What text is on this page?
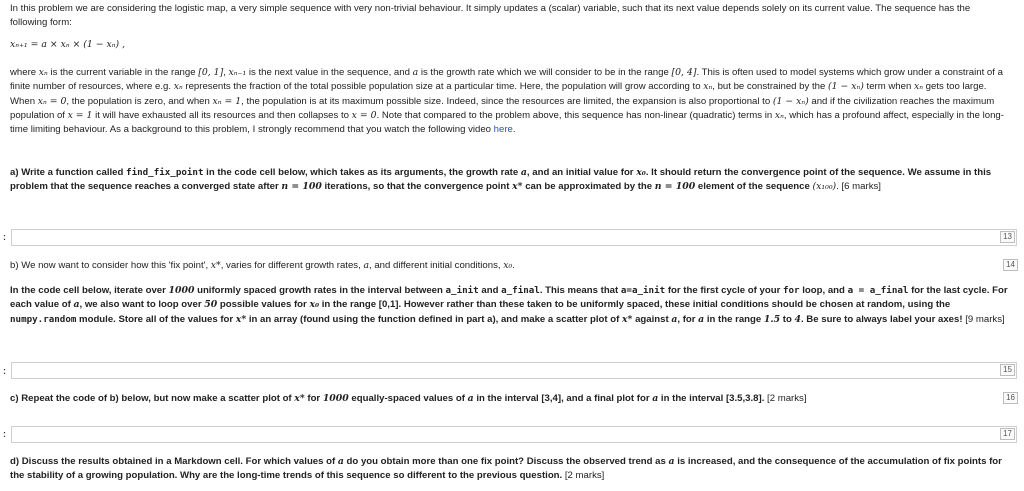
In this problem we are considering the logistic map, a very simple sequence with very non-trivial behaviour. It simply updates a (scalar) variable, such that its next value depends solely on its current value. The sequence has the following form:

xₙ₊₁ = a × xₙ × (1 − xₙ) ,

where xₙ is the current variable in the range [0, 1], xₙ₋₁ is the next value in the sequence, and a is the growth rate which we will consider to be in the range [0, 4]. This is often used to model systems which grow under a constraint of a finite number of resources, where e.g. xₙ represents the fraction of the total possible population size at a particular time. Here, the population will grow according to xₙ, but be constrained by the (1 − xₙ) term when xₙ gets too large. When xₙ = 0, the population is zero, and when xₙ = 1, the population is at its maximum possible size. Indeed, since the resources are limited, the expansion is also proportional to (1 − xₙ) and if the civilization reaches the maximum population of x = 1 it will have exhausted all its resources and then collapses to x = 0. Note that compared to the problem above, this sequence has non-linear (quadratic) terms in xₙ, which has a profound affect, especially in the long-time limiting behaviour. As a background to this problem, I strongly recommend that you watch the following video here.

a) Write a function called find_fix_point in the code cell below, which takes as its arguments, the growth rate a, and an initial value for x₀. It should return the convergence point of the sequence. We assume in this problem that the sequence reaches a converged state after n = 100 iterations, so that the convergence point x* can be approximated by the n = 100 element of the sequence (x₁₀₀). [6 marks]

:	13

b) We now want to consider how this 'fix point', x*, varies for different growth rates, a, and different initial conditions, x₀.	14

In the code cell below, iterate over 1000 uniformly spaced growth rates in the interval between a_init and a_final. This means that a=a_init for the first cycle of your for loop, and a = a_final for the last cycle. For each value of a, we also want to loop over 50 possible values for x₀ in the range [0,1]. However rather than these taken to be uniformly spaced, these initial conditions should be chosen at random, using the numpy.random module. Store all of the values for x* in an array (found using the function defined in part a), and make a scatter plot of x* against a, for a in the range 1.5 to 4. Be sure to always label your axes! [9 marks]

:	15

c) Repeat the code of b) below, but now make a scatter plot of x* for 1000 equally-spaced values of a in the interval [3,4], and a final plot for a in the interval [3.5,3.8]. [2 marks]	16
:	17

d) Discuss the results obtained in a Markdown cell. For which values of a do you obtain more than one fix point? Discuss the observed trend as a is increased, and the consequence of the accumulation of fix points for the stability of a growing population. Why are the long-time trends of this sequence so different to the previous question. [2 marks]
